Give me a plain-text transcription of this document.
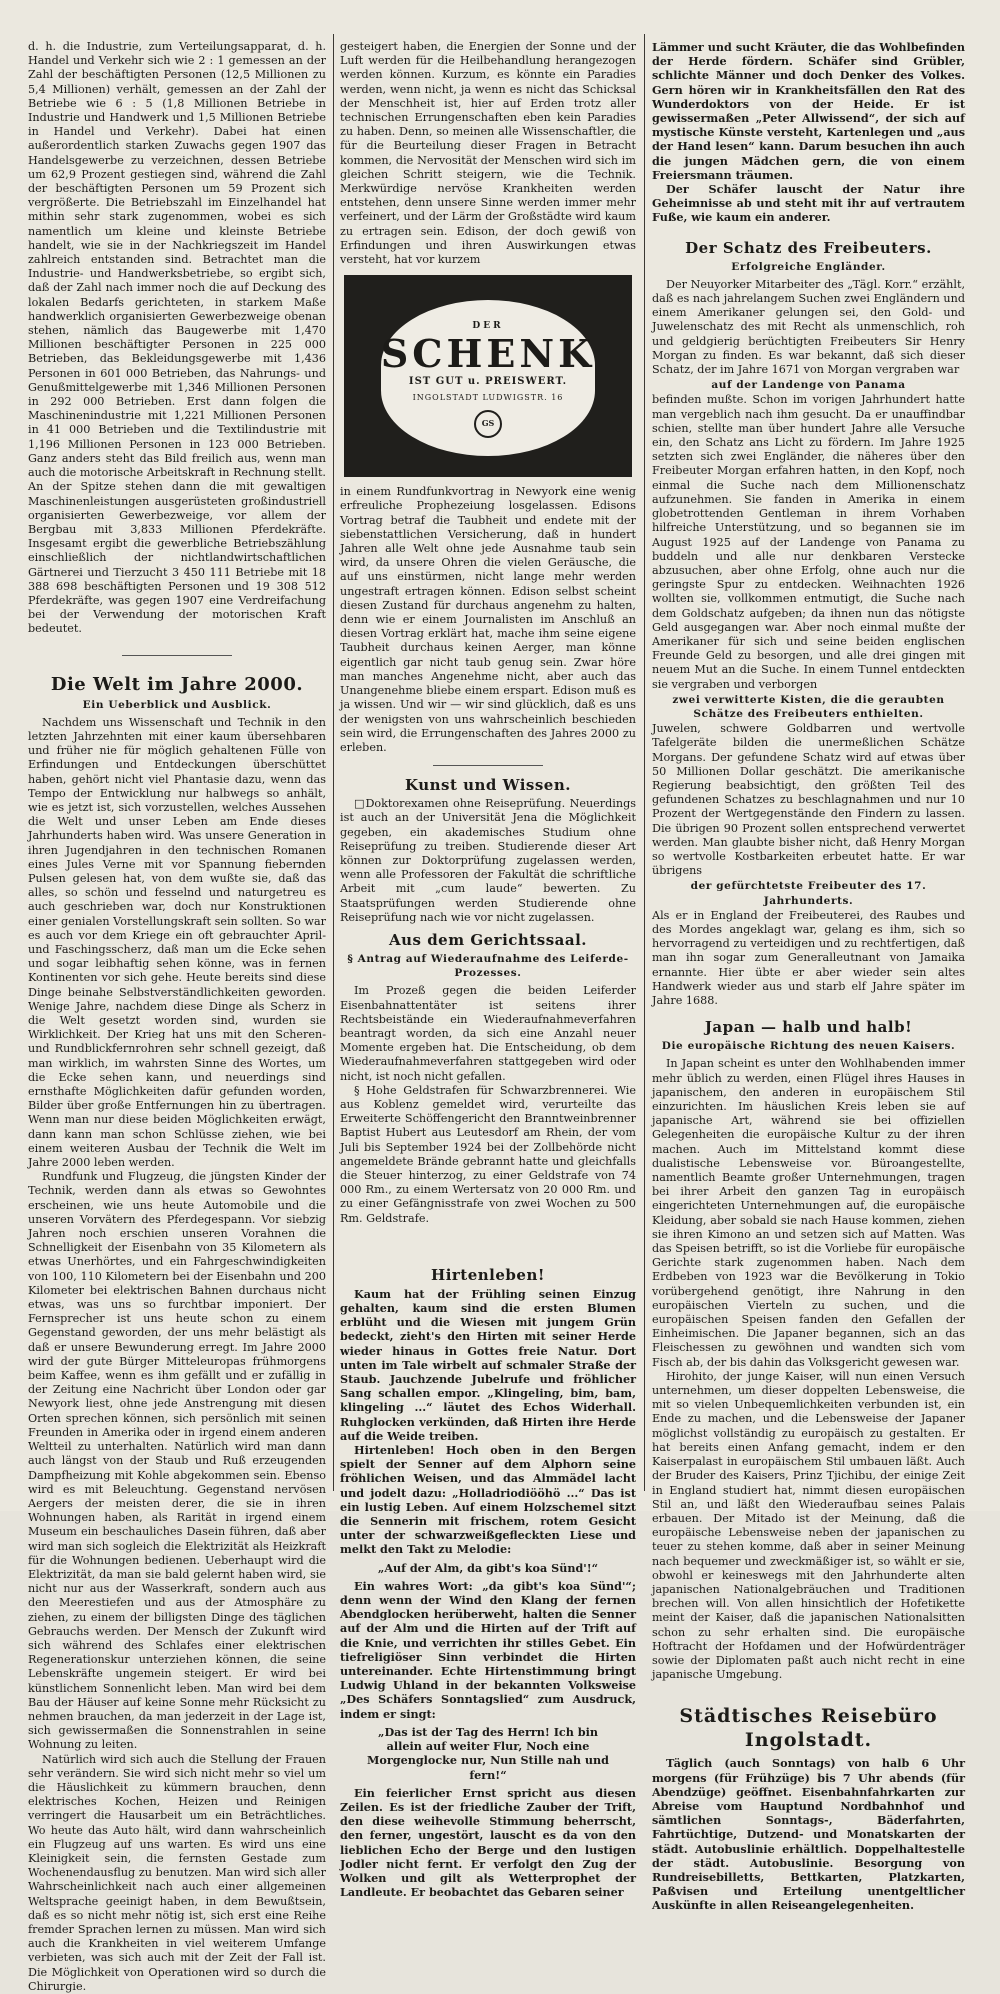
d. h. die Industrie, zum Verteilungsapparat, d. h. Handel und Verkehr sich wie 2 : 1 gemessen an der Zahl der beschäftigten Personen (12,5 Millionen zu 5,4 Millionen) verhält, gemessen an der Zahl der Betriebe wie 6 : 5 (1,8 Millionen Betriebe in Industrie und Handwerk und 1,5 Millionen Betriebe in Handel und Verkehr). Dabei hat einen außerordentlich starken Zuwachs gegen 1907 das Handelsgewerbe zu verzeichnen, dessen Betriebe um 62,9 Prozent gestiegen sind, während die Zahl der beschäftigten Personen um 59 Prozent sich vergrößerte. Die Betriebszahl im Einzelhandel hat mithin sehr stark zugenommen, wobei es sich namentlich um kleine und kleinste Betriebe handelt, wie sie in der Nachkriegszeit im Handel zahlreich entstanden sind. Betrachtet man die Industrie- und Handwerksbetriebe, so ergibt sich, daß der Zahl nach immer noch die auf Deckung des lokalen Bedarfs gerichteten, in starkem Maße handwerklich organisierten Gewerbezweige obenan stehen, nämlich das Baugewerbe mit 1,470 Millionen beschäftigter Personen in 225 000 Betrieben, das Bekleidungsgewerbe mit 1,436 Personen in 601 000 Betrieben, das Nahrungs- und Genußmittelgewerbe mit 1,346 Millionen Personen in 292 000 Betrieben. Erst dann folgen die Maschinenindustrie mit 1,221 Millionen Personen in 41 000 Betrieben und die Textilindustrie mit 1,196 Millionen Personen in 123 000 Betrieben. Ganz anders steht das Bild freilich aus, wenn man auch die motorische Arbeitskraft in Rechnung stellt. An der Spitze stehen dann die mit gewaltigen Maschinenleistungen ausgerüsteten großindustriell organisierten Gewerbezweige, vor allem der Bergbau mit 3,833 Millionen Pferdekräfte. Insgesamt ergibt die gewerbliche Betriebszählung einschließlich der nichtlandwirtschaftlichen Gärtnerei und Tierzucht 3 450 111 Betriebe mit 18 388 698 beschäftigten Personen und 19 308 512 Pferdekräfte, was gegen 1907 eine Verdreifachung bei der Verwendung der motorischen Kraft bedeutet.

Die Welt im Jahre 2000.
Ein Ueberblick und Ausblick.

Nachdem uns Wissenschaft und Technik in den letzten Jahrzehnten mit einer kaum übersehbaren und früher nie für möglich gehaltenen Fülle von Erfindungen und Entdeckungen überschüttet haben, gehört nicht viel Phantasie dazu, wenn das Tempo der Entwicklung nur halbwegs so anhält, wie es jetzt ist, sich vorzustellen, welches Aussehen die Welt und unser Leben am Ende dieses Jahrhunderts haben wird. Was unsere Generation in ihren Jugendjahren in den technischen Romanen eines Jules Verne mit vor Spannung fiebernden Pulsen gelesen hat, von dem wußte sie, daß das alles, so schön und fesselnd und naturgetreu es auch geschrieben war, doch nur Konstruktionen einer genialen Vorstellungskraft sein sollten. So war es auch vor dem Kriege ein oft gebrauchter April- und Faschingsscherz, daß man um die Ecke sehen und sogar leibhaftig sehen könne, was in fernen Kontinenten vor sich gehe. Heute bereits sind diese Dinge beinahe Selbstverständlichkeiten geworden. Wenige Jahre, nachdem diese Dinge als Scherz in die Welt gesetzt worden sind, wurden sie Wirklichkeit. Der Krieg hat uns mit den Scheren- und Rundblickfernrohren sehr schnell gezeigt, daß man wirklich, im wahrsten Sinne des Wortes, um die Ecke sehen kann, und neuerdings sind ernsthafte Möglichkeiten dafür gefunden worden, Bilder über große Entfernungen hin zu übertragen. Wenn man nur diese beiden Möglichkeiten erwägt, dann kann man schon Schlüsse ziehen, wie bei einem weiteren Ausbau der Technik die Welt im Jahre 2000 leben werden.

Rundfunk und Flugzeug, die jüngsten Kinder der Technik, werden dann als etwas so Gewohntes erscheinen, wie uns heute Automobile und die unseren Vorvätern des Pferdegespann. Vor siebzig Jahren noch erschien unseren Vorahnen die Schnelligkeit der Eisenbahn von 35 Kilometern als etwas Unerhörtes, und ein Fahrgeschwindigkeiten von 100, 110 Kilometern bei der Eisenbahn und 200 Kilometer bei elektrischen Bahnen durchaus nicht etwas, was uns so furchtbar imponiert. Der Fernsprecher ist uns heute schon zu einem Gegenstand geworden, der uns mehr belästigt als daß er unsere Bewunderung erregt. Im Jahre 2000 wird der gute Bürger Mitteleuropas frühmorgens beim Kaffee, wenn es ihm gefällt und er zufällig in der Zeitung eine Nachricht über London oder gar Newyork liest, ohne jede Anstrengung mit diesen Orten sprechen können, sich persönlich mit seinen Freunden in Amerika oder in irgend einem anderen Weltteil zu unterhalten. Natürlich wird man dann auch längst von der Staub und Ruß erzeugenden Dampfheizung mit Kohle abgekommen sein. Ebenso wird es mit Beleuchtung. Gegenstand nervösen Aergers der meisten derer, die sie in ihren Wohnungen haben, als Rarität in irgend einem Museum ein beschauliches Dasein führen, daß aber wird man sich sogleich die Elektrizität als Heizkraft für die Wohnungen bedienen. Ueberhaupt wird die Elektrizität, da man sie bald gelernt haben wird, sie nicht nur aus der Wasserkraft, sondern auch aus den Meerestiefen und aus der Atmosphäre zu ziehen, zu einem der billigsten Dinge des täglichen Gebrauchs werden. Der Mensch der Zukunft wird sich während des Schlafes einer elektrischen Regenerationskur unterziehen können, die seine Lebenskräfte ungemein steigert. Er wird bei künstlichem Sonnenlicht leben. Man wird bei dem Bau der Häuser auf keine Sonne mehr Rücksicht zu nehmen brauchen, da man jederzeit in der Lage ist, sich gewissermaßen die Sonnenstrahlen in seine Wohnung zu leiten.

Natürlich wird sich auch die Stellung der Frauen sehr verändern. Sie wird sich nicht mehr so viel um die Häuslichkeit zu kümmern brauchen, denn elektrisches Kochen, Heizen und Reinigen verringert die Hausarbeit um ein Beträchtliches. Wo heute das Auto hält, wird dann wahrscheinlich ein Flugzeug auf uns warten. Es wird uns eine Kleinigkeit sein, die fernsten Gestade zum Wochenendausflug zu benutzen. Man wird sich aller Wahrscheinlichkeit nach auch einer allgemeinen Weltsprache geeinigt haben, in dem Bewußtsein, daß es so nicht mehr nötig ist, sich erst eine Reihe fremder Sprachen lernen zu müssen. Man wird sich auch die Krankheiten in viel weiterem Umfange verbieten, was sich auch mit der Zeit der Fall ist. Die Möglichkeit von Operationen wird so durch die Chirurgie.

gesteigert haben, die Energien der Sonne und der Luft werden für die Heilbehandlung herangezogen werden können. Kurzum, es könnte ein Paradies werden, wenn nicht, ja wenn es nicht das Schicksal der Menschheit ist, hier auf Erden trotz aller technischen Errungenschaften eben kein Paradies zu haben. Denn, so meinen alle Wissenschaftler, die für die Beurteilung dieser Fragen in Betracht kommen, die Nervosität der Menschen wird sich im gleichen Schritt steigern, wie die Technik. Merkwürdige nervöse Krankheiten werden entstehen, denn unsere Sinne werden immer mehr verfeinert, und der Lärm der Großstädte wird kaum zu ertragen sein. Edison, der doch gewiß von Erfindungen und ihren Auswirkungen etwas versteht, hat vor kurzem

DER
SCHENK
IST GUT u. PREISWERT.
INGOLSTADT LUDWIGSTR. 16
GS

in einem Rundfunkvortrag in Newyork eine wenig erfreuliche Prophezeiung losgelassen. Edisons Vortrag betraf die Taubheit und endete mit der siebenstattlichen Versicherung, daß in hundert Jahren alle Welt ohne jede Ausnahme taub sein wird, da unsere Ohren die vielen Geräusche, die auf uns einstürmen, nicht lange mehr werden ungestraft ertragen können. Edison selbst scheint diesen Zustand für durchaus angenehm zu halten, denn wie er einem Journalisten im Anschluß an diesen Vortrag erklärt hat, mache ihm seine eigene Taubheit durchaus keinen Aerger, man könne eigentlich gar nicht taub genug sein. Zwar höre man manches Angenehme nicht, aber auch das Unangenehme bliebe einem erspart. Edison muß es ja wissen. Und wir — wir sind glücklich, daß es uns der wenigsten von uns wahrscheinlich beschieden sein wird, die Errungenschaften des Jahres 2000 zu erleben.

Kunst und Wissen.

□ Doktorexamen ohne Reiseprüfung. Neuerdings ist auch an der Universität Jena die Möglichkeit gegeben, ein akademisches Studium ohne Reiseprüfung zu treiben. Studierende dieser Art können zur Doktorprüfung zugelassen werden, wenn alle Professoren der Fakultät die schriftliche Arbeit mit „cum laude“ bewerten. Zu Staatsprüfungen werden Studierende ohne Reiseprüfung nach wie vor nicht zugelassen.

Aus dem Gerichtssaal.
§ Antrag auf Wiederaufnahme des Leiferde-Prozesses.

Im Prozeß gegen die beiden Leiferder Eisenbahnattentäter ist seitens ihrer Rechtsbeistände ein Wiederaufnahmeverfahren beantragt worden, da sich eine Anzahl neuer Momente ergeben hat. Die Entscheidung, ob dem Wiederaufnahmeverfahren stattgegeben wird oder nicht, ist noch nicht gefallen.

§ Hohe Geldstrafen für Schwarzbrennerei. Wie aus Koblenz gemeldet wird, verurteilte das Erweiterte Schöffengericht den Branntweinbrenner Baptist Hubert aus Leutesdorf am Rhein, der vom Juli bis September 1924 bei der Zollbehörde nicht angemeldete Brände gebrannt hatte und gleichfalls die Steuer hinterzog, zu einer Geldstrafe von 74 000 Rm., zu einem Wertersatz von 20 000 Rm. und zu einer Gefängnisstrafe von zwei Wochen zu 500 Rm. Geldstrafe.

Hirtenleben!

Kaum hat der Frühling seinen Einzug gehalten, kaum sind die ersten Blumen erblüht und die Wiesen mit jungem Grün bedeckt, zieht's den Hirten mit seiner Herde wieder hinaus in Gottes freie Natur. Dort unten im Tale wirbelt auf schmaler Straße der Staub. Jauchzende Jubelrufe und fröhlicher Sang schallen empor. „Klingeling, bim, bam, klingeling ...“ läutet des Echos Widerhall. Ruhglocken verkünden, daß Hirten ihre Herde auf die Weide treiben.

Hirtenleben! Hoch oben in den Bergen spielt der Senner auf dem Alphorn seine fröhlichen Weisen, und das Almmädel lacht und jodelt dazu: „Holladriodiööhö ...“ Das ist ein lustig Leben. Auf einem Holzschemel sitzt die Sennerin mit frischem, rotem Gesicht unter der schwarzweißgefleckten Liese und melkt den Takt zu Melodie:

„Auf der Alm, da gibt's koa Sünd'!“

Ein wahres Wort: „da gibt's koa Sünd'“; denn wenn der Wind den Klang der fernen Abendglocken herüberweht, halten die Senner auf der Alm und die Hirten auf der Trift auf die Knie, und verrichten ihr stilles Gebet. Ein tiefreligiöser Sinn verbindet die Hirten untereinander. Echte Hirtenstimmung bringt Ludwig Uhland in der bekannten Volksweise „Des Schäfers Sonntagslied“ zum Ausdruck, indem er singt:

„Das ist der Tag des Herrn! Ich bin allein auf weiter Flur, Noch eine Morgenglocke nur, Nun Stille nah und fern!“

Ein feierlicher Ernst spricht aus diesen Zeilen. Es ist der friedliche Zauber der Trift, den diese weihevolle Stimmung beherrscht, den ferner, ungestört, lauscht es da von den lieblichen Echo der Berge und den lustigen Jodler nicht fernt. Er verfolgt den Zug der Wolken und gilt als Wetterprophet der Landleute. Er beobachtet das Gebaren seiner

Lämmer und sucht Kräuter, die das Wohlbefinden der Herde fördern. Schäfer sind Grübler, schlichte Männer und doch Denker des Volkes. Gern hören wir in Krankheitsfällen den Rat des Wunderdoktors von der Heide. Er ist gewissermaßen „Peter Allwissend“, der sich auf mystische Künste versteht, Kartenlegen und „aus der Hand lesen“ kann. Darum besuchen ihn auch die jungen Mädchen gern, die von einem Freiersmann träumen.

Der Schäfer lauscht der Natur ihre Geheimnisse ab und steht mit ihr auf vertrautem Fuße, wie kaum ein anderer.

Der Schatz des Freibeuters.
Erfolgreiche Engländer.

Der Neuyorker Mitarbeiter des „Tägl. Korr.“ erzählt, daß es nach jahrelangem Suchen zwei Engländern und einem Amerikaner gelungen sei, den Gold- und Juwelenschatz des mit Recht als unmenschlich, roh und geldgierig berüchtigten Freibeuters Sir Henry Morgan zu finden. Es war bekannt, daß sich dieser Schatz, der im Jahre 1671 von Morgan vergraben war

auf der Landenge von Panama

befinden mußte. Schon im vorigen Jahrhundert hatte man vergeblich nach ihm gesucht. Da er unauffindbar schien, stellte man über hundert Jahre alle Versuche ein, den Schatz ans Licht zu fördern. Im Jahre 1925 setzten sich zwei Engländer, die näheres über den Freibeuter Morgan erfahren hatten, in den Kopf, noch einmal die Suche nach dem Millionenschatz aufzunehmen. Sie fanden in Amerika in einem globetrottenden Gentleman in ihrem Vorhaben hilfreiche Unterstützung, und so begannen sie im August 1925 auf der Landenge von Panama zu buddeln und alle nur denkbaren Verstecke abzusuchen, aber ohne Erfolg, ohne auch nur die geringste Spur zu entdecken. Weihnachten 1926 wollten sie, vollkommen entmutigt, die Suche nach dem Goldschatz aufgeben; da ihnen nun das nötigste Geld ausgegangen war. Aber noch einmal mußte der Amerikaner für sich und seine beiden englischen Freunde Geld zu besorgen, und alle drei gingen mit neuem Mut an die Suche. In einem Tunnel entdeckten sie vergraben und verborgen

zwei verwitterte Kisten, die die geraubten Schätze des Freibeuters enthielten.

Juwelen, schwere Goldbarren und wertvolle Tafelgeräte bilden die unermeßlichen Schätze Morgans. Der gefundene Schatz wird auf etwas über 50 Millionen Dollar geschätzt. Die amerikanische Regierung beabsichtigt, den größten Teil des gefundenen Schatzes zu beschlagnahmen und nur 10 Prozent der Wertgegenstände den Findern zu lassen. Die übrigen 90 Prozent sollen entsprechend verwertet werden. Man glaubte bisher nicht, daß Henry Morgan so wertvolle Kostbarkeiten erbeutet hatte. Er war übrigens

der gefürchtetste Freibeuter des 17. Jahrhunderts.

Als er in England der Freibeuterei, des Raubes und des Mordes angeklagt war, gelang es ihm, sich so hervorragend zu verteidigen und zu rechtfertigen, daß man ihn sogar zum Generalleutnant von Jamaika ernannte. Hier übte er aber wieder sein altes Handwerk wieder aus und starb elf Jahre später im Jahre 1688.

Japan — halb und halb!
Die europäische Richtung des neuen Kaisers.

In Japan scheint es unter den Wohlhabenden immer mehr üblich zu werden, einen Flügel ihres Hauses in japanischem, den anderen in europäischem Stil einzurichten. Im häuslichen Kreis leben sie auf japanische Art, während sie bei offiziellen Gelegenheiten die europäische Kultur zu der ihren machen. Auch im Mittelstand kommt diese dualistische Lebensweise vor. Büroangestellte, namentlich Beamte großer Unternehmungen, tragen bei ihrer Arbeit den ganzen Tag in europäisch eingerichteten Unternehmungen auf, die europäische Kleidung, aber sobald sie nach Hause kommen, ziehen sie ihren Kimono an und setzen sich auf Matten. Was das Speisen betrifft, so ist die Vorliebe für europäische Gerichte stark zugenommen haben. Nach dem Erdbeben von 1923 war die Bevölkerung in Tokio vorübergehend genötigt, ihre Nahrung in den europäischen Vierteln zu suchen, und die europäischen Speisen fanden den Gefallen der Einheimischen. Die Japaner begannen, sich an das Fleischessen zu gewöhnen und wandten sich vom Fisch ab, der bis dahin das Volksgericht gewesen war.

Hirohito, der junge Kaiser, will nun einen Versuch unternehmen, um dieser doppelten Lebensweise, die mit so vielen Unbequemlichkeiten verbunden ist, ein Ende zu machen, und die Lebensweise der Japaner möglichst vollständig zu europäisch zu gestalten. Er hat bereits einen Anfang gemacht, indem er den Kaiserpalast in europäischem Stil umbauen läßt. Auch der Bruder des Kaisers, Prinz Tjichibu, der einige Zeit in England studiert hat, nimmt diesen europäischen Stil an, und läßt den Wiederaufbau seines Palais erbauen. Der Mitado ist der Meinung, daß die europäische Lebensweise neben der japanischen zu teuer zu stehen komme, daß aber in seiner Meinung nach bequemer und zweckmäßiger ist, so wählt er sie, obwohl er keineswegs mit den Jahrhunderte alten japanischen Nationalgebräuchen und Traditionen brechen will. Von allen hinsichtlich der Hofetikette meint der Kaiser, daß die japanischen Nationalsitten schon zu sehr erhalten sind. Die europäische Hoftracht der Hofdamen und der Hofwürdenträger sowie der Diplomaten paßt auch nicht recht in eine japanische Umgebung.

Städtisches Reisebüro Ingolstadt.

Täglich (auch Sonntags) von halb 6 Uhr morgens (für Frühzüge) bis 7 Uhr abends (für Abendzüge) geöffnet. Eisenbahnfahrkarten zur Abreise vom Hauptund Nordbahnhof und sämtlichen Sonntags-, Bäderfahrten, Fahrtüchtige, Dutzend- und Monatskarten der städt. Autobuslinie erhältlich. Doppelhaltestelle der städt. Autobuslinie. Besorgung von Rundreisebilletts, Bettkarten, Platzkarten, Paßvisen und Erteilung unentgeltlicher Auskünfte in allen Reiseangelegenheiten.
